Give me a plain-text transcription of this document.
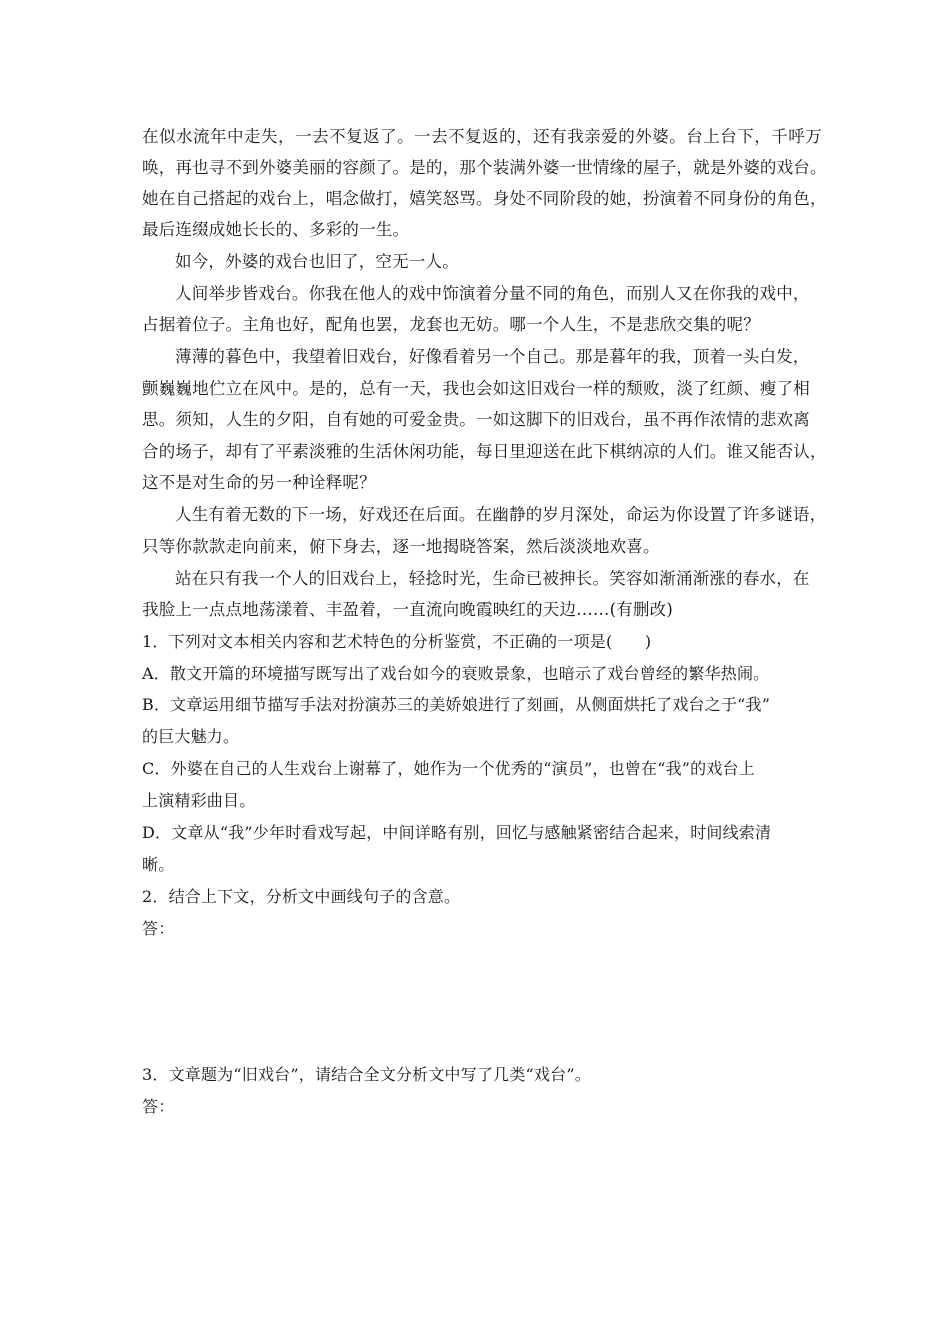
在似水流年中走失，一去不复返了。一去不复返的，还有我亲爱的外婆。台上台下，千呼万
唤，再也寻不到外婆美丽的容颜了。是的，那个装满外婆一世情缘的屋子，就是外婆的戏台。
她在自己搭起的戏台上，唱念做打，嬉笑怒骂。身处不同阶段的她，扮演着不同身份的角色，
最后连缀成她长长的、多彩的一生。
如今，外婆的戏台也旧了，空无一人。
人间举步皆戏台。你我在他人的戏中饰演着分量不同的角色，而别人又在你我的戏中，
占据着位子。主角也好，配角也罢，龙套也无妨。哪一个人生，不是悲欣交集的呢？
薄薄的暮色中，我望着旧戏台，好像看着另一个自己。那是暮年的我，顶着一头白发，
颤巍巍地伫立在风中。是的，总有一天，我也会如这旧戏台一样的颓败，淡了红颜、瘦了相
思。须知，人生的夕阳，自有她的可爱金贵。一如这脚下的旧戏台，虽不再作浓情的悲欢离
合的场子，却有了平素淡雅的生活休闲功能，每日里迎送在此下棋纳凉的人们。谁又能否认，
这不是对生命的另一种诠释呢？
人生有着无数的下一场，好戏还在后面。在幽静的岁月深处，命运为你设置了许多谜语，
只等你款款走向前来，俯下身去，逐一地揭晓答案，然后淡淡地欢喜。
站在只有我一个人的旧戏台上，轻捻时光，生命已被抻长。笑容如渐涌渐涨的春水，在
我脸上一点点地荡漾着、丰盈着，一直流向晚霞映红的天边……(有删改)
1．下列对文本相关内容和艺术特色的分析鉴赏，不正确的一项是(　　)
A．散文开篇的环境描写既写出了戏台如今的衰败景象，也暗示了戏台曾经的繁华热闹。
B．文章运用细节描写手法对扮演苏三的美娇娘进行了刻画，从侧面烘托了戏台之于“我”
的巨大魅力。
C．外婆在自己的人生戏台上谢幕了，她作为一个优秀的“演员”，也曾在“我”的戏台上
上演精彩曲目。
D．文章从“我”少年时看戏写起，中间详略有别，回忆与感触紧密结合起来，时间线索清
晰。
2．结合上下文，分析文中画线句子的含意。
答：
3．文章题为“旧戏台”，请结合全文分析文中写了几类“戏台”。
答：
